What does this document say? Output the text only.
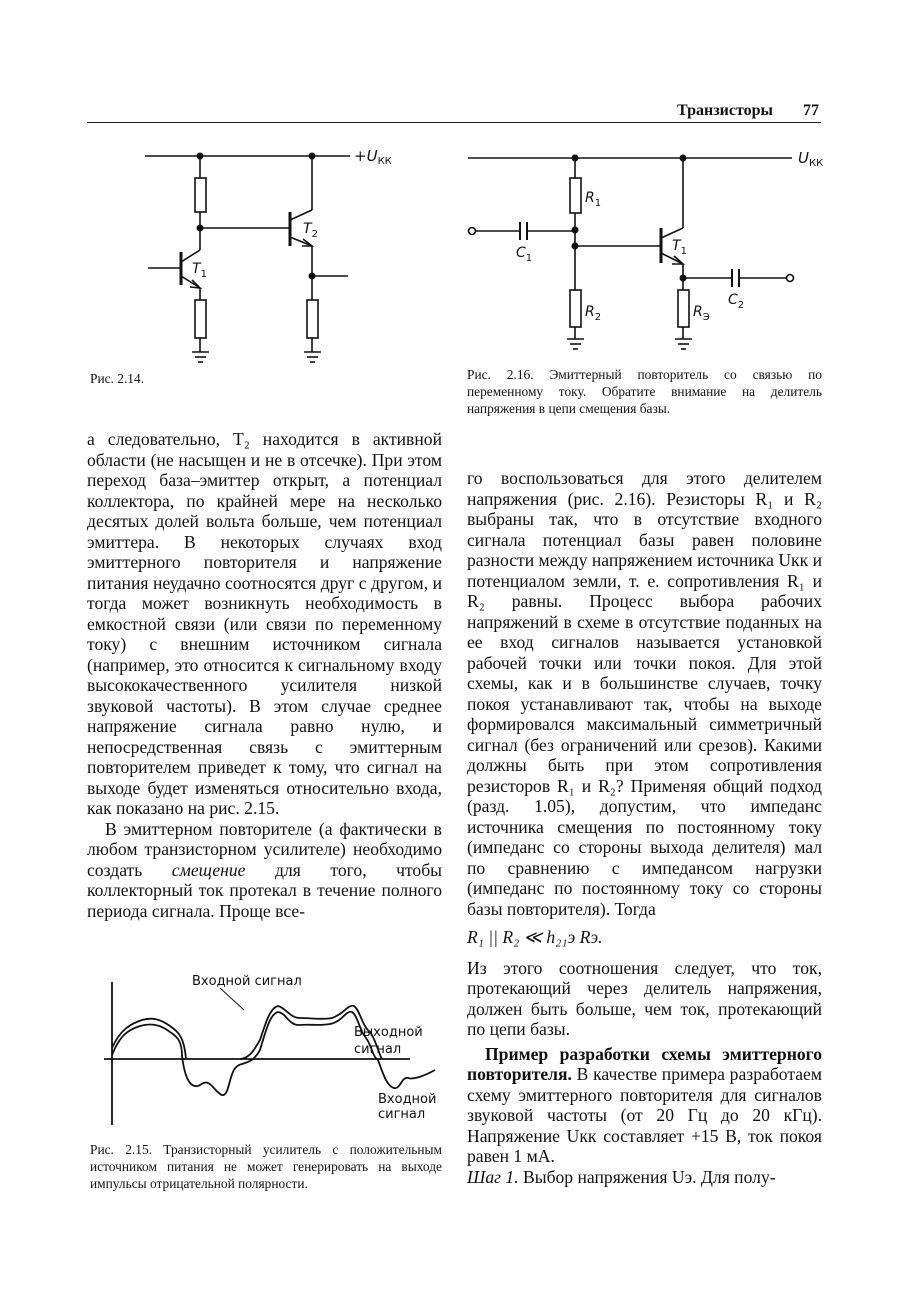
Транзисторы 77
$+U_{КК}$
$T_1$
$T_2$
Рис. 2.14.
$U_{КК}$
$R_1$
$R_2$	$R_Э$
$C_1$
$C_2$
$T_1$
Рис. 2.16. Эмиттерный повторитель со связью по переменному току. Обратите внимание на делитель напряжения в цепи смещения базы.

а следовательно, T₂ находится в активной области (не насыщен и не в отсечке). При этом переход база–эмиттер открыт, а потенциал коллектора, по крайней мере на несколько десятых долей вольта больше, чем потенциал эмиттера. В некоторых случаях вход эмиттерного повторителя и напряжение питания неудачно соотносятся друг с другом, и тогда может возникнуть необходимость в емкостной связи (или связи по переменному току) с внешним источником сигнала (например, это относится к сигнальному входу высококачественного усилителя низкой звуковой частоты). В этом случае среднее напряжение сигнала равно нулю, и непосредственная связь с эмиттерным повторителем приведет к тому, что сигнал на выходе будет изменяться относительно входа, как показано на рис. 2.15.

В эмиттерном повторителе (а фактически в любом транзисторном усилителе) необходимо создать смещение для того, чтобы коллекторный ток протекал в течение полного периода сигнала. Проще все-

Входной сигнал
Выходной
сигнал
Входной
сигнал
Рис. 2.15. Транзисторный усилитель с положительным источником питания не может генерировать на выходе импульсы отрицательной полярности.

го воспользоваться для этого делителем напряжения (рис. 2.16). Резисторы R₁ и R₂ выбраны так, что в отсутствие входного сигнала потенциал базы равен половине разности между напряжением источника Uкк и потенциалом земли, т. е. сопротивления R₁ и R₂ равны. Процесс выбора рабочих напряжений в схеме в отсутствие поданных на ее вход сигналов называется установкой рабочей точки или точки покоя. Для этой схемы, как и в большинстве случаев, точку покоя устанавливают так, чтобы на выходе формировался максимальный симметричный сигнал (без ограничений или срезов). Какими должны быть при этом сопротивления резисторов R₁ и R₂? Применяя общий подход (разд. 1.05), допустим, что импеданс источника смещения по постоянному току (импеданс со стороны выхода делителя) мал по сравнению с импедансом нагрузки (импеданс по постоянному току со стороны базы повторителя). Тогда

R₁ || R₂ ≪ h₂₁э Rэ.

Из этого соотношения следует, что ток, протекающий через делитель напряжения, должен быть больше, чем ток, протекающий по цепи базы.

Пример разработки схемы эмиттерного повторителя. В качестве примера разработаем схему эмиттерного повторителя для сигналов звуковой частоты (от 20 Гц до 20 кГц). Напряжение Uкк составляет +15 В, ток покоя равен 1 мА.

Шаг 1. Выбор напряжения Uэ. Для полу-
